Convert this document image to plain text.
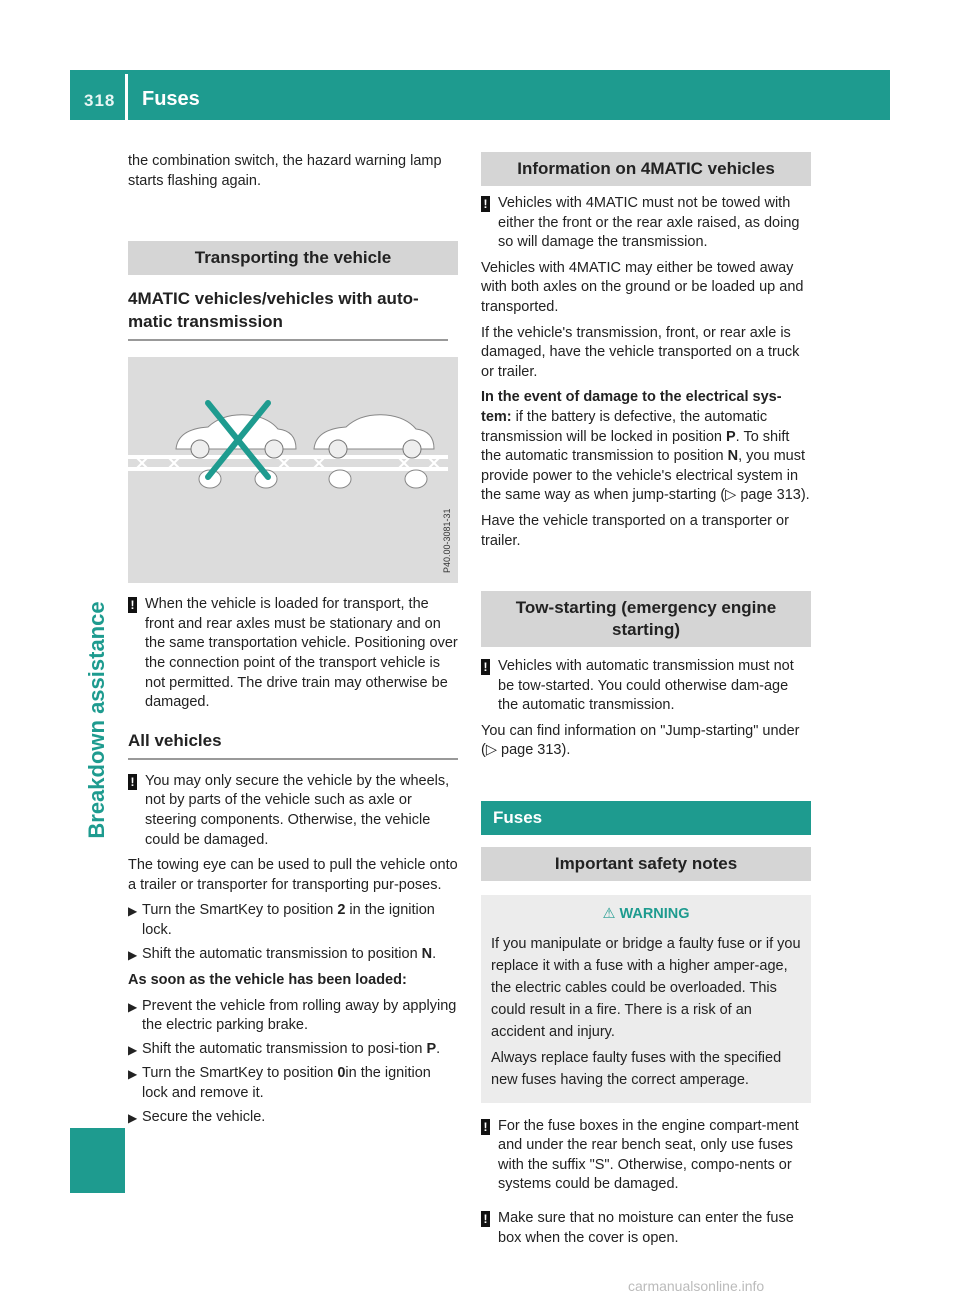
318 Fuses
Breakdown assistance

the combination switch, the hazard warning lamp starts flashing again.

Transporting the vehicle
4MATIC vehicles/vehicles with auto-matic transmission
P40.00-3081-31
! When the vehicle is loaded for transport, the front and rear axles must be stationary and on the same transportation vehicle. Positioning over the connection point of the transport vehicle is not permitted. The drive train may otherwise be damaged.
All vehicles
! You may only secure the vehicle by the wheels, not by parts of the vehicle such as axle or steering components. Otherwise, the vehicle could be damaged.

The towing eye can be used to pull the vehicle onto a trailer or transporter for transporting pur-poses.

▶ Turn the SmartKey to position 2 in the ignition lock.
▶ Shift the automatic transmission to position N.

As soon as the vehicle has been loaded:

▶ Prevent the vehicle from rolling away by applying the electric parking brake.
▶ Shift the automatic transmission to posi-tion P.
▶ Turn the SmartKey to position 0in the ignition lock and remove it.
▶ Secure the vehicle.
Information on 4MATIC vehicles
! Vehicles with 4MATIC must not be towed with either the front or the rear axle raised, as doing so will damage the transmission.

Vehicles with 4MATIC may either be towed away with both axles on the ground or be loaded up and transported.

If the vehicle's transmission, front, or rear axle is damaged, have the vehicle transported on a truck or trailer.

In the event of damage to the electrical sys-tem: if the battery is defective, the automatic transmission will be locked in position P. To shift the automatic transmission to position N, you must provide power to the vehicle's electrical system in the same way as when jump-starting (▷ page 313).

Have the vehicle transported on a transporter or trailer.

Tow-starting (emergency engine starting)
! Vehicles with automatic transmission must not be tow-started. You could otherwise dam-age the automatic transmission.

You can find information on "Jump-starting" under (▷ page 313).

Fuses
Important safety notes
⚠ WARNING

If you manipulate or bridge a faulty fuse or if you replace it with a fuse with a higher amper-age, the electric cables could be overloaded. This could result in a fire. There is a risk of an accident and injury.

Always replace faulty fuses with the specified new fuses having the correct amperage.

! For the fuse boxes in the engine compart-ment and under the rear bench seat, only use fuses with the suffix "S". Otherwise, compo-nents or systems could be damaged.
! Make sure that no moisture can enter the fuse box when the cover is open.
carmanualsonline.info
